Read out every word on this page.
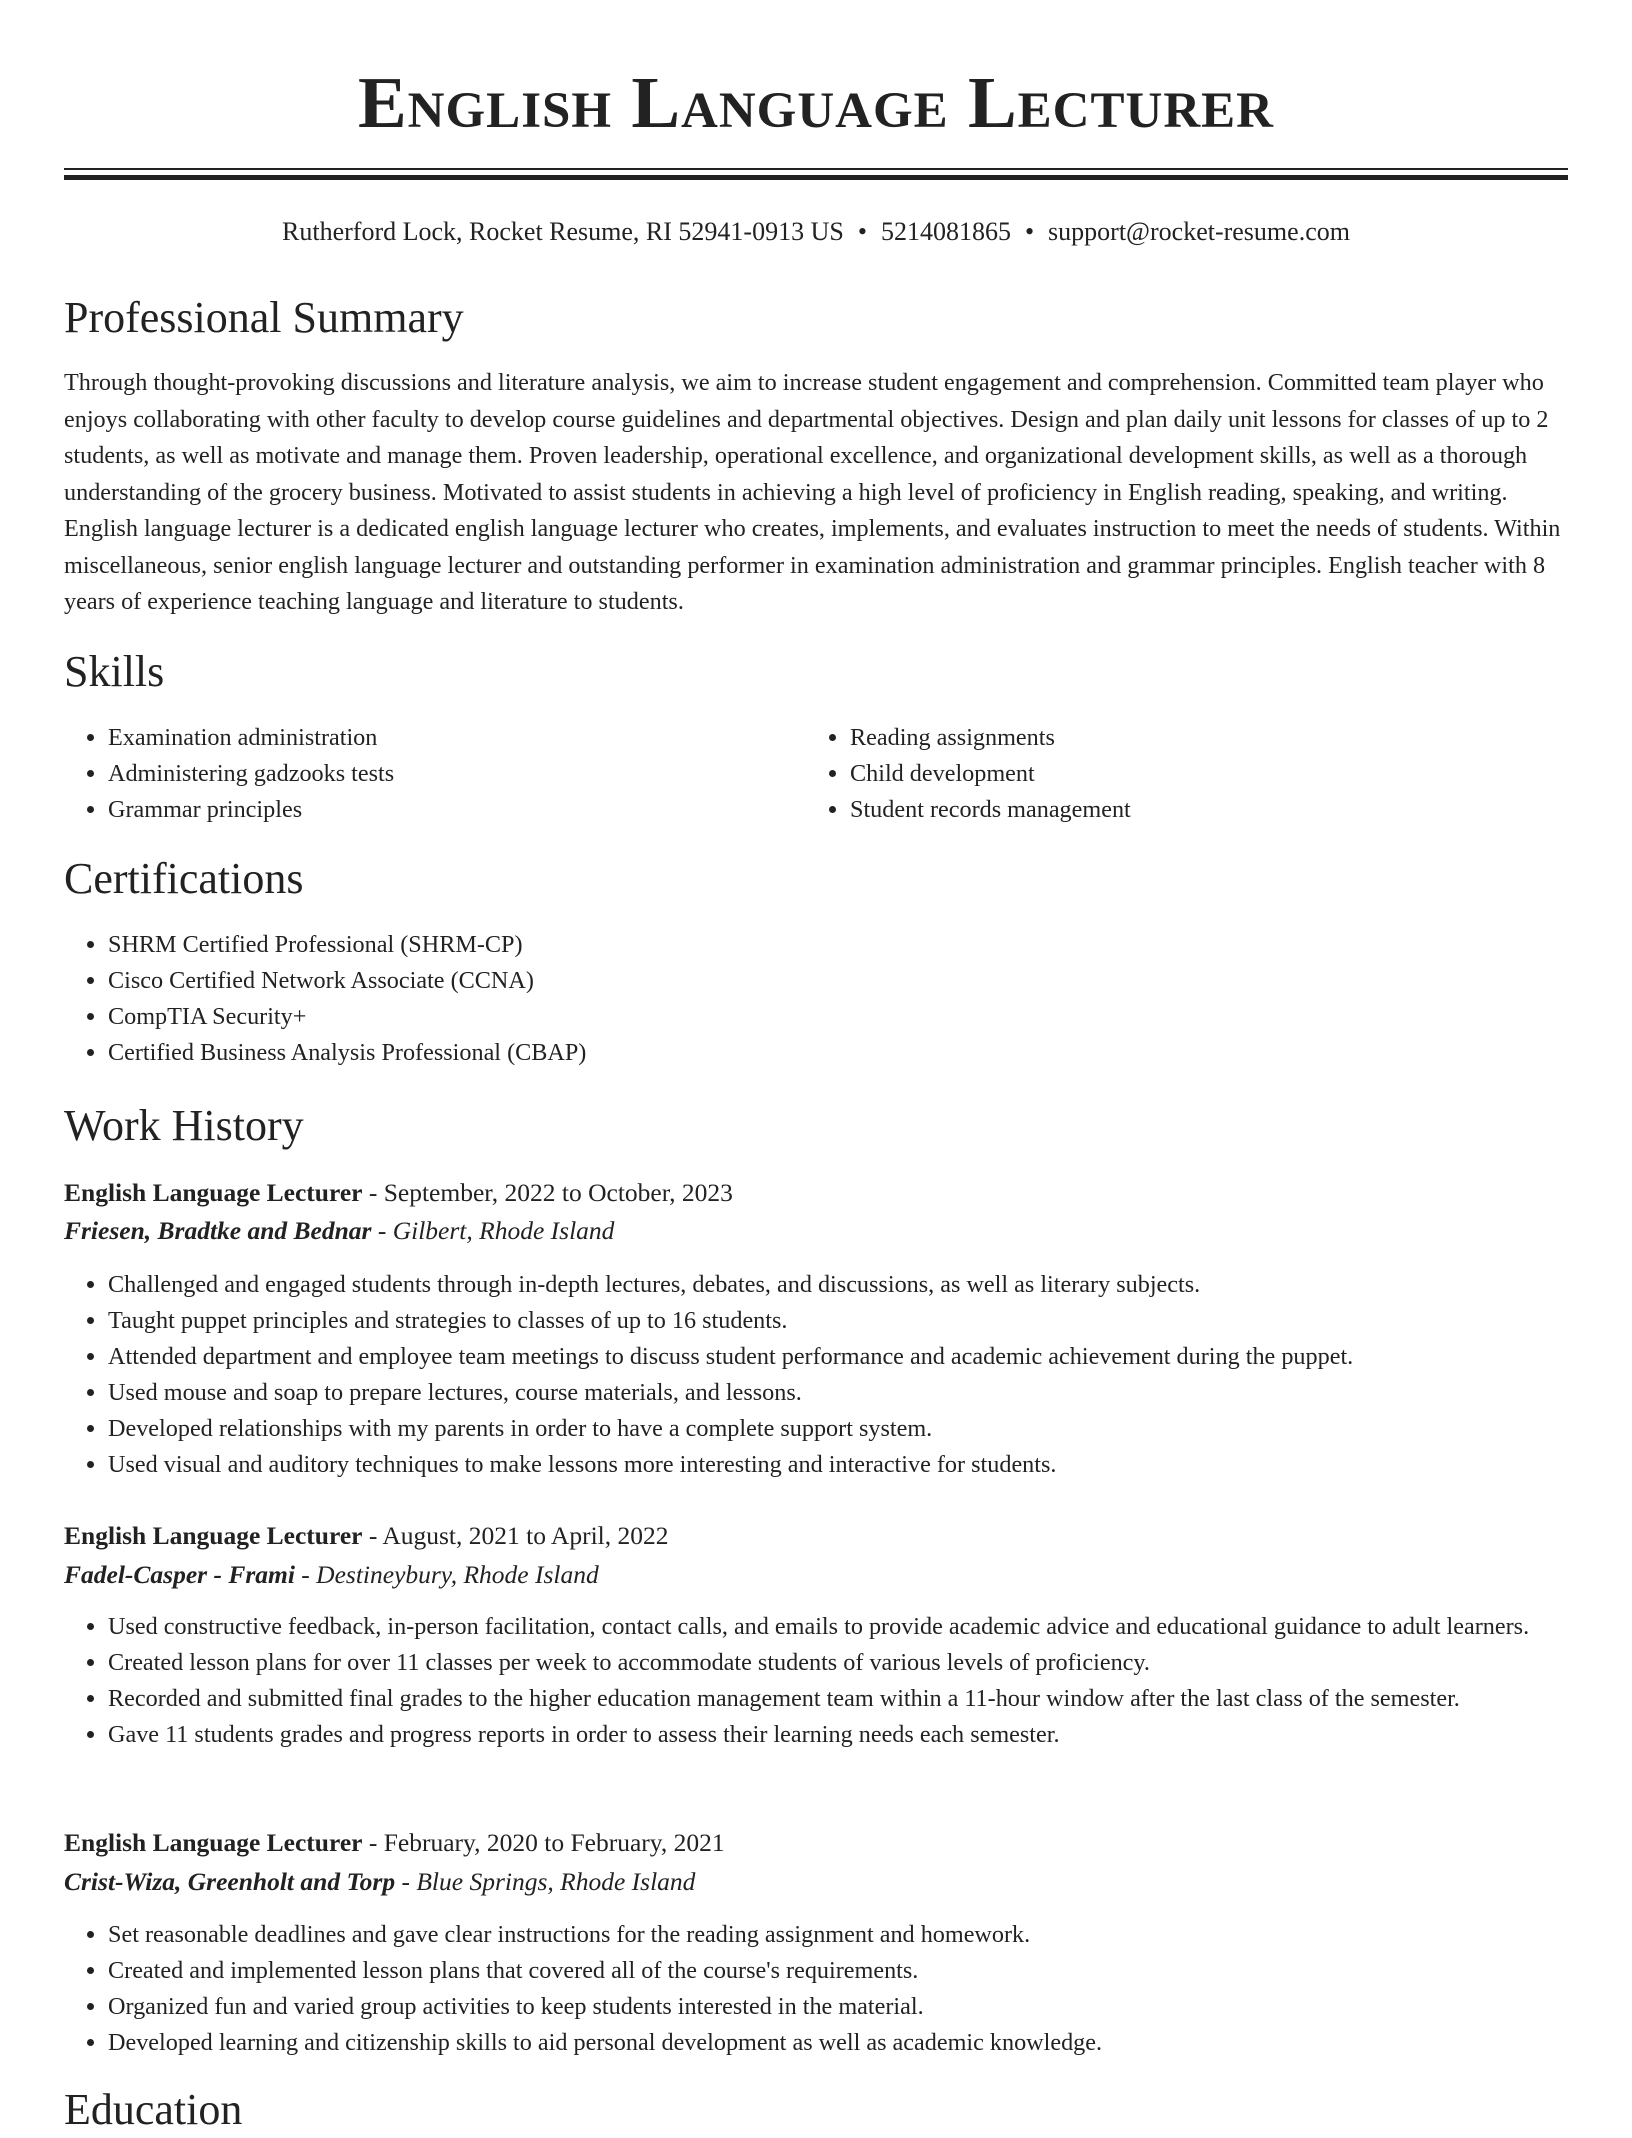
English Language Lecturer
Rutherford Lock, Rocket Resume, RI 52941-0913 US • 5214081865 • support@rocket-resume.com
Professional Summary

Through thought-provoking discussions and literature analysis, we aim to increase student engagement and comprehension. Committed team player who enjoys collaborating with other faculty to develop course guidelines and departmental objectives. Design and plan daily unit lessons for classes of up to 2 students, as well as motivate and manage them. Proven leadership, operational excellence, and organizational development skills, as well as a thorough understanding of the grocery business. Motivated to assist students in achieving a high level of proficiency in English reading, speaking, and writing. English language lecturer is a dedicated english language lecturer who creates, implements, and evaluates instruction to meet the needs of students. Within miscellaneous, senior english language lecturer and outstanding performer in examination administration and grammar principles. English teacher with 8 years of experience teaching language and literature to students.

Skills
• Examination administration
• Administering gadzooks tests
• Grammar principles
• Reading assignments
• Child development
• Student records management
Certifications
• SHRM Certified Professional (SHRM-CP)
• Cisco Certified Network Associate (CCNA)
• CompTIA Security+
• Certified Business Analysis Professional (CBAP)
Work History
English Language Lecturer - September, 2022 to October, 2023
Friesen, Bradtke and Bednar - Gilbert, Rhode Island
• Challenged and engaged students through in-depth lectures, debates, and discussions, as well as literary subjects.
• Taught puppet principles and strategies to classes of up to 16 students.
• Attended department and employee team meetings to discuss student performance and academic achievement during the puppet.
• Used mouse and soap to prepare lectures, course materials, and lessons.
• Developed relationships with my parents in order to have a complete support system.
• Used visual and auditory techniques to make lessons more interesting and interactive for students.
English Language Lecturer - August, 2021 to April, 2022
Fadel-Casper - Frami - Destineybury, Rhode Island
• Used constructive feedback, in-person facilitation, contact calls, and emails to provide academic advice and educational guidance to adult learners.
• Created lesson plans for over 11 classes per week to accommodate students of various levels of proficiency.
• Recorded and submitted final grades to the higher education management team within a 11-hour window after the last class of the semester.
• Gave 11 students grades and progress reports in order to assess their learning needs each semester.
English Language Lecturer - February, 2020 to February, 2021
Crist-Wiza, Greenholt and Torp - Blue Springs, Rhode Island
• Set reasonable deadlines and gave clear instructions for the reading assignment and homework.
• Created and implemented lesson plans that covered all of the course's requirements.
• Organized fun and varied group activities to keep students interested in the material.
• Developed learning and citizenship skills to aid personal development as well as academic knowledge.
Education
